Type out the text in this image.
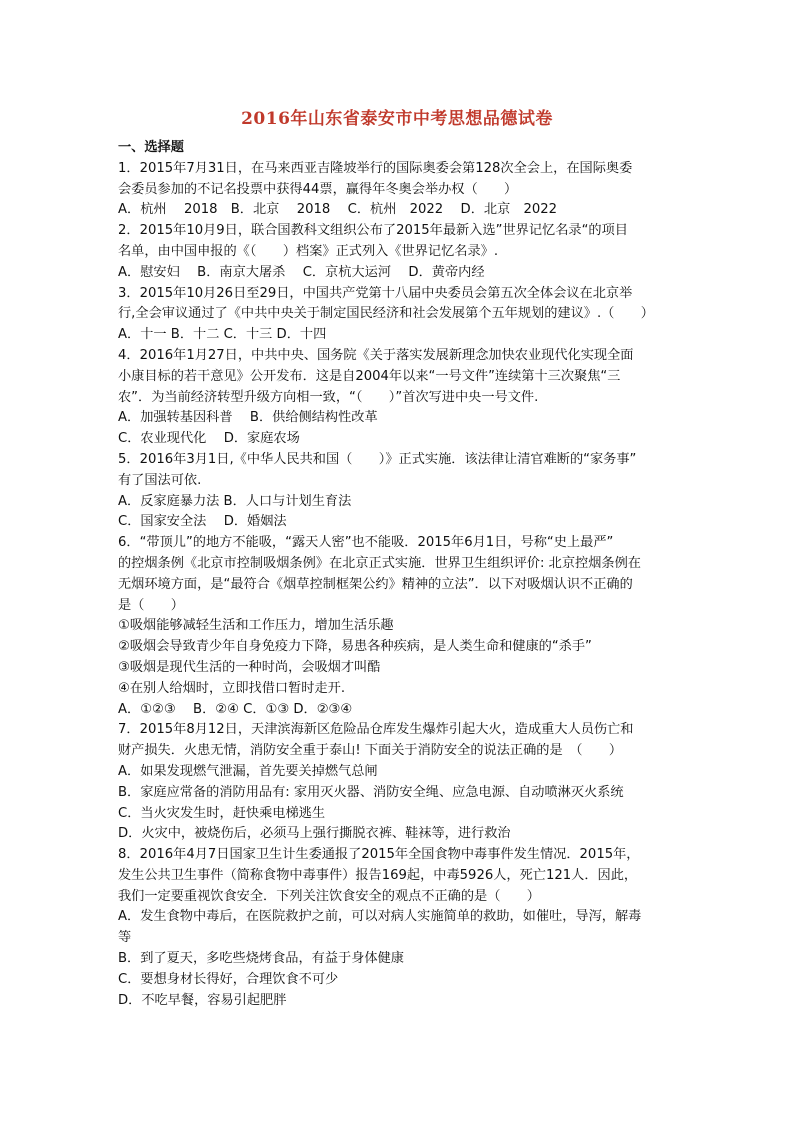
2016年山东省泰安市中考思想品德试卷
一、选择题
1．2015年7月31日，在马来西亚吉隆坡举行的国际奥委会第128次全会上，在国际奥委
会委员参加的不记名投票中获得44票，赢得年冬奥会举办权（　　）
A．杭州　 2018　B．北京　 2018　 C．杭州　2022　 D．北京　2022
2．2015年10月9日，联合国教科文组织公布了2015年最新入选”世界记忆名录“的项目
名单，由中国申报的《（　　）档案》正式列入《世界记忆名录》.
A．慰安妇　 B．南京大屠杀　 C．京杭大运河　 D．黄帝内经
3．2015年10月26日至29日，中国共产党第十八届中央委员会第五次全体会议在北京举
行,全会审议通过了《中共中央关于制定国民经济和社会发展第个五年规划的建议》.（　　）
A．十一 B．十二 C．十三 D．十四
4．2016年1月27日，中共中央、国务院《关于落实发展新理念加快农业现代化实现全面
小康目标的若干意见》公开发布．这是自2004年以来“一号文件”连续第十三次聚焦“三
农”．为当前经济转型升级方向相一致，“（　　）”首次写进中央一号文件.
A．加强转基因科普　 B．供给侧结构性改革
C．农业现代化　 D．家庭农场
5．2016年3月1日,《中华人民共和国（　　）》正式实施．该法律让清官难断的“家务事”
有了国法可依.
A．反家庭暴力法 B．人口与计划生育法
C．国家安全法　 D．婚姻法
6．“带顶儿”的地方不能吸，“露天人密”也不能吸．2015年6月1日，号称“史上最严”
的控烟条例《北京市控制吸烟条例》在北京正式实施．世界卫生组织评价: 北京控烟条例在
无烟环境方面，是“最符合《烟草控制框架公约》精神的立法”．以下对吸烟认识不正确的
是（　　）
①吸烟能够减轻生活和工作压力，增加生活乐趣
②吸烟会导致青少年自身免疫力下降，易患各种疾病，是人类生命和健康的“杀手”
③吸烟是现代生活的一种时尚，会吸烟才叫酷
④在别人给烟时，立即找借口暂时走开.
A．①②③　 B．②④ C．①③ D．②③④
7．2015年8月12日，天津滨海新区危险品仓库发生爆炸引起大火，造成重大人员伤亡和
财产损失．火患无情，消防安全重于泰山! 下面关于消防安全的说法正确的是　（　　）
A．如果发现燃气泄漏，首先要关掉燃气总闸
B．家庭应常备的消防用品有: 家用灭火器、消防安全绳、应急电源、自动喷淋灭火系统
C．当火灾发生时，赶快乘电梯逃生
D．火灾中，被烧伤后，必须马上强行撕脱衣裤、鞋袜等，进行救治
8．2016年4月7日国家卫生计生委通报了2015年全国食物中毒事件发生情况．2015年，
发生公共卫生事件（简称食物中毒事件）报告169起，中毒5926人，死亡121人．因此，
我们一定要重视饮食安全．下列关注饮食安全的观点不正确的是（　　）
A．发生食物中毒后，在医院救护之前，可以对病人实施简单的救助，如催吐，导泻，解毒
等
B．到了夏天，多吃些烧烤食品，有益于身体健康
C．要想身材长得好，合理饮食不可少
D．不吃早餐，容易引起肥胖
